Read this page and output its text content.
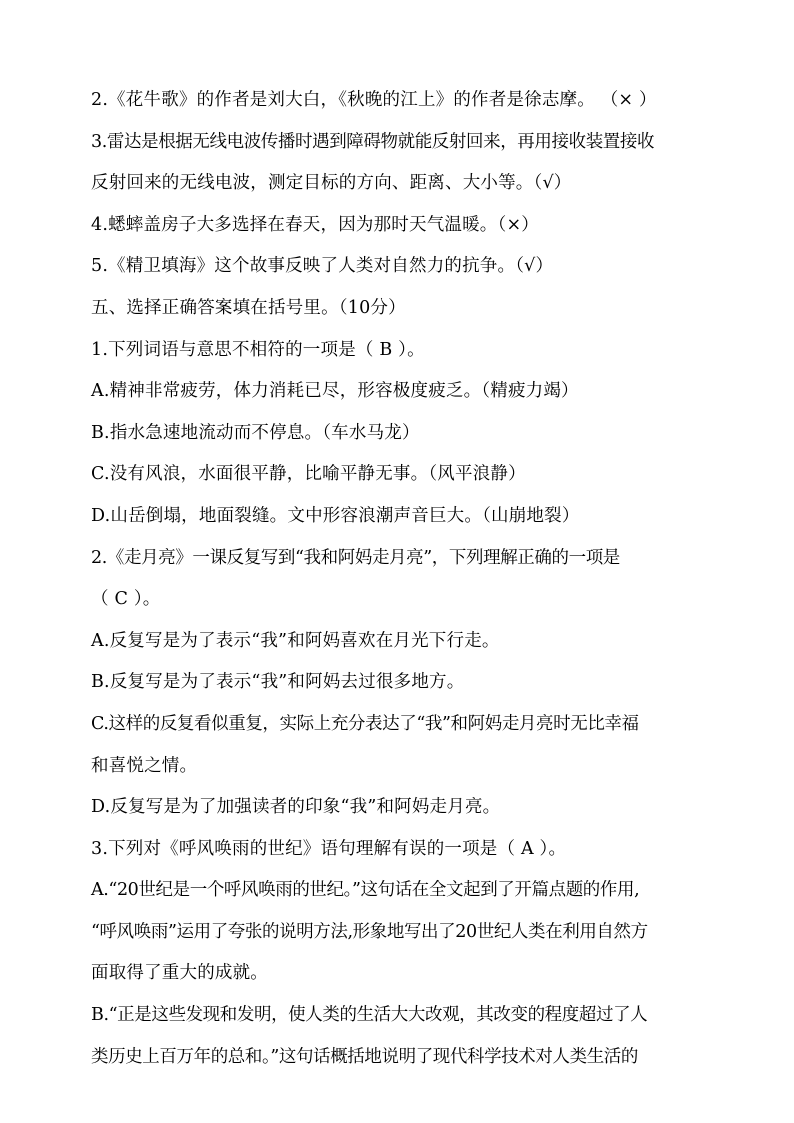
2.《花牛歌》的作者是刘大白，《秋晚的江上》的作者是徐志摩。 （× ）
3.雷达是根据无线电波传播时遇到障碍物就能反射回来，再用接收装置接收
反射回来的无线电波，测定目标的方向、距离、大小等。（√）
4.蟋蟀盖房子大多选择在春天，因为那时天气温暖。（×）
5.《精卫填海》这个故事反映了人类对自然力的抗争。（√）
五、选择正确答案填在括号里。（10分）
1.下列词语与意思不相符的一项是（ B ）。
A.精神非常疲劳，体力消耗已尽，形容极度疲乏。（精疲力竭）
B.指水急速地流动而不停息。（车水马龙）
C.没有风浪，水面很平静，比喻平静无事。（风平浪静）
D.山岳倒塌，地面裂缝。文中形容浪潮声音巨大。（山崩地裂）
2.《走月亮》一课反复写到“我和阿妈走月亮”，下列理解正确的一项是
（ C ）。
A.反复写是为了表示“我”和阿妈喜欢在月光下行走。
B.反复写是为了表示“我”和阿妈去过很多地方。
C.这样的反复看似重复，实际上充分表达了“我”和阿妈走月亮时无比幸福
和喜悦之情。
D.反复写是为了加强读者的印象“我”和阿妈走月亮。
3.下列对《呼风唤雨的世纪》语句理解有误的一项是（ A ）。
A.“20世纪是一个呼风唤雨的世纪。”这句话在全文起到了开篇点题的作用,
“呼风唤雨”运用了夸张的说明方法,形象地写出了20世纪人类在利用自然方
面取得了重大的成就。
B.“正是这些发现和发明，使人类的生活大大改观，其改变的程度超过了人
类历史上百万年的总和。”这句话概括地说明了现代科学技术对人类生活的
